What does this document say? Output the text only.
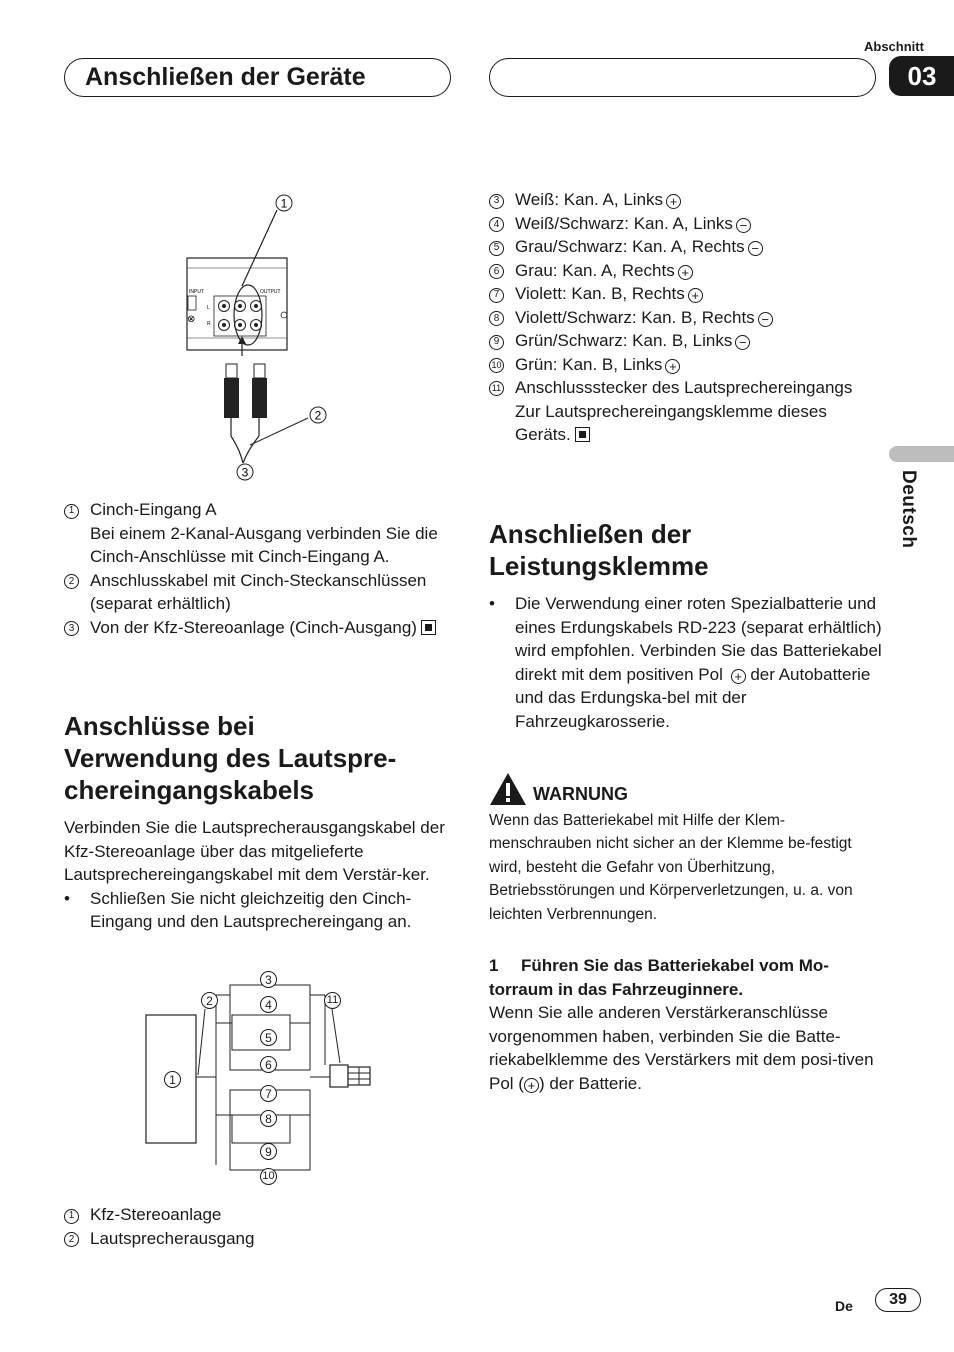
Abschnitt
03
Anschließen der Geräte
Deutsch
INPUT	OUTPUT
L
R
⊗
1
2
3
1 Cinch-Eingang A
Bei einem 2-Kanal-Ausgang verbinden Sie die Cinch-Anschlüsse mit Cinch-Eingang A.
2 Anschlusskabel mit Cinch-Steckanschlüssen (separat erhältlich)
3 Von der Kfz-Stereoanlage (Cinch-Ausgang)
Anschlüsse bei
Verwendung des Lautspre-
chereingangskabels

Verbinden Sie die Lautsprecherausgangskabel der Kfz-Stereoanlage über das mitgelieferte Lautsprechereingangskabel mit dem Verstär-ker.

•	Schließen Sie nicht gleichzeitig den Cinch-Eingang und den Lautsprechereingang an.
1
2
3
4
5
6
7
8
9
10
11
1 Kfz-Stereoanlage
2 Lautsprecherausgang
3 Weiß: Kan. A, Links +
4 Weiß/Schwarz: Kan. A, Links −
5 Grau/Schwarz: Kan. A, Rechts −
6 Grau: Kan. A, Rechts +
7 Violett: Kan. B, Rechts +
8 Violett/Schwarz: Kan. B, Rechts −
9 Grün/Schwarz: Kan. B, Links −
10 Grün: Kan. B, Links +
11 Anschlussstecker des Lautsprechereingangs
Zur Lautsprechereingangsklemme dieses
Geräts.
Anschließen der
Leistungsklemme
•	Die Verwendung einer roten Spezialbatterie und eines Erdungskabels RD-223 (separat erhältlich) wird empfohlen. Verbinden Sie das Batteriekabel direkt mit dem positiven Pol + der Autobatterie und das Erdungska-bel mit der Fahrzeugkarosserie.
WARNUNG

Wenn das Batteriekabel mit Hilfe der Klem-menschrauben nicht sicher an der Klemme be-festigt wird, besteht die Gefahr von Überhitzung, Betriebsstörungen und Körperverletzungen, u. a. von leichten Verbrennungen.

1 Führen Sie das Batteriekabel vom Mo-torraum in das Fahrzeuginnere.

Wenn Sie alle anderen Verstärkeranschlüsse vorgenommen haben, verbinden Sie die Batte-riekabelklemme des Verstärkers mit dem posi-tiven Pol ( + ) der Batterie.

De	39
